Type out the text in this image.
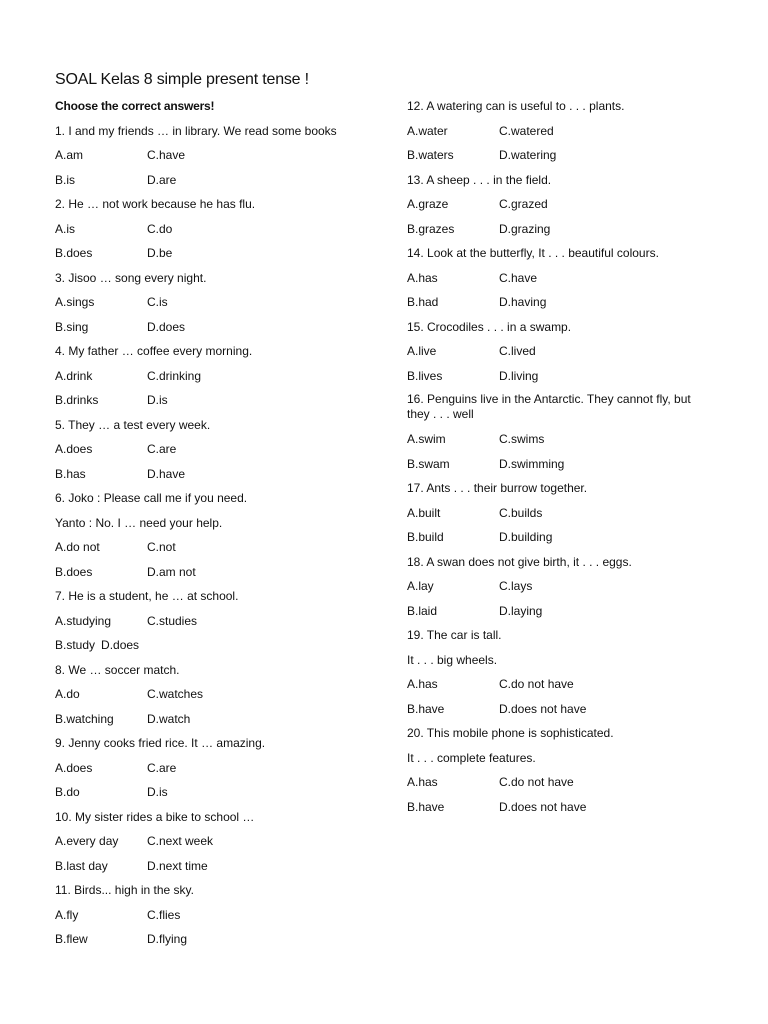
SOAL Kelas 8 simple present tense !
Choose the correct answers!
1. I and my friends … in library. We read some books
A.am	C.have
B.is	D.are
2. He … not work because he has flu.
A.is	C.do
B.does	D.be
3. Jisoo … song every night.
A.sings	C.is
B.sing	D.does
4. My father … coffee every morning.
A.drink	C.drinking
B.drinks	D.is
5. They … a test every week.
A.does	C.are
B.has	D.have
6. Joko : Please call me if you need.
Yanto : No. I … need your help.
A.do not	C.not
B.does	D.am not
7. He is a student, he … at school.
A.studying	C.studies
B.study D.does
8. We … soccer match.
A.do	C.watches
B.watching	D.watch
9. Jenny cooks fried rice. It … amazing.
A.does	C.are
B.do	D.is
10. My sister rides a bike to school …
A.every day C.next week
B.last day	D.next time
11. Birds... high in the sky.
A.fly	C.flies
B.flew	D.flying
12. A watering can is useful to . . . plants.
A.water	C.watered
B.waters	D.watering
13. A sheep . . . in the field.
A.graze	C.grazed
B.grazes	D.grazing
14. Look at the butterfly, It . . . beautiful colours.
A.has	C.have
B.had	D.having
15. Crocodiles . . . in a swamp.
A.live	C.lived
B.lives	D.living
16. Penguins live in the Antarctic. They cannot fly, but they . . . well
A.swim	C.swims
B.swam	D.swimming
17. Ants . . . their burrow together.
A.built	C.builds
B.build	D.building
18. A swan does not give birth, it . . . eggs.
A.lay	C.lays
B.laid	D.laying
19. The car is tall.
It . . . big wheels.
A.has	C.do not have
B.have	D.does not have
20. This mobile phone is sophisticated.
It . . . complete features.
A.has	C.do not have
B.have	D.does not have
